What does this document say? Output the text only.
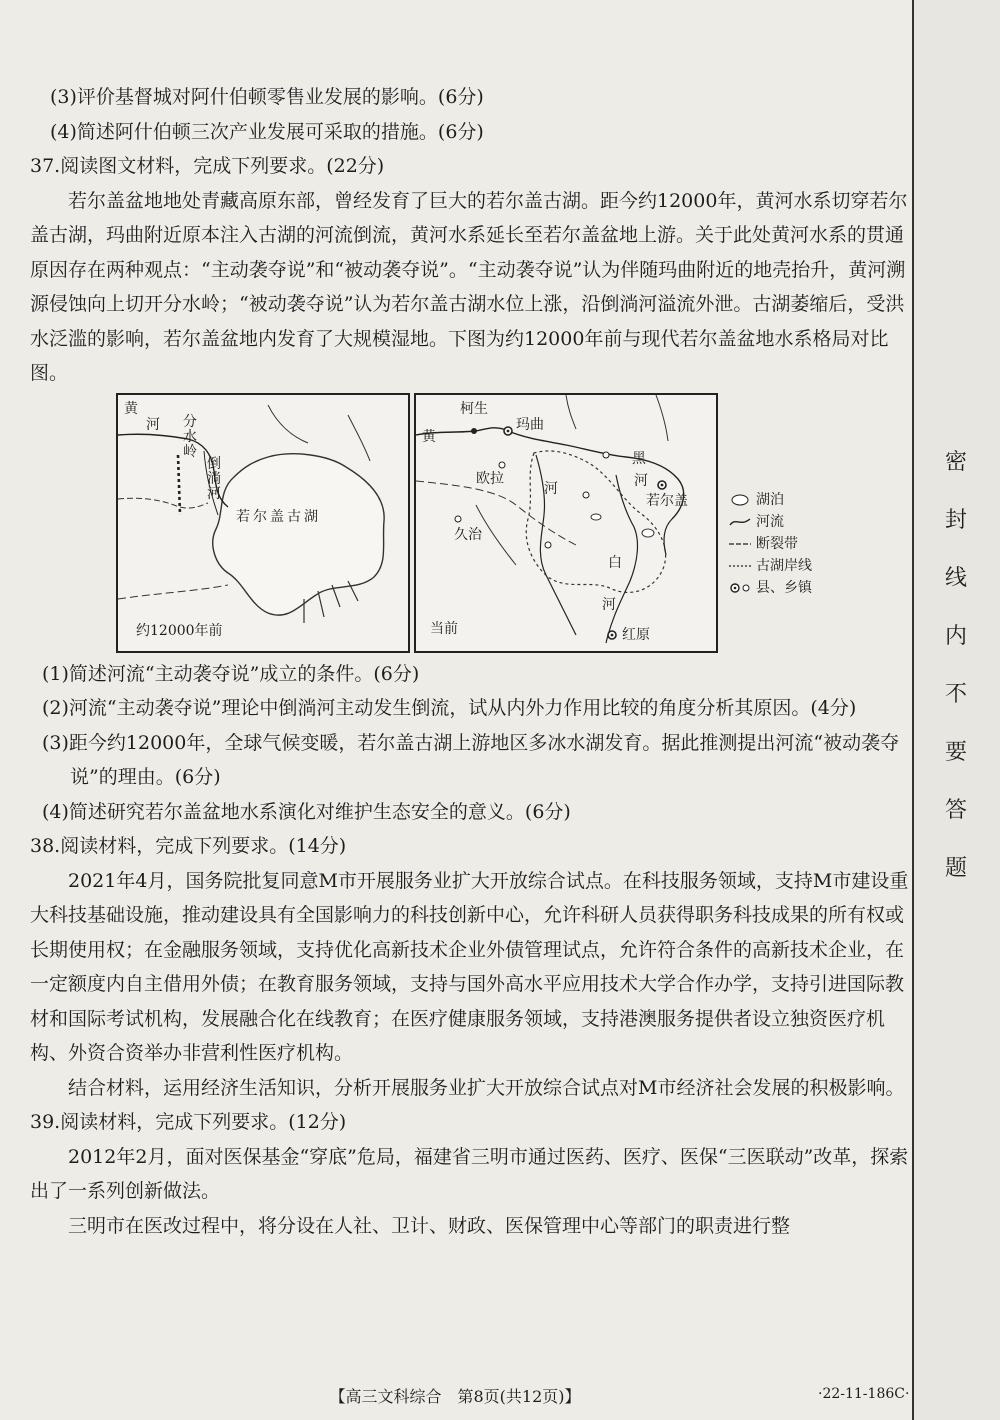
(3)评价基督城对阿什伯顿零售业发展的影响。(6分)

(4)简述阿什伯顿三次产业发展可采取的措施。(6分)

37.阅读图文材料，完成下列要求。(22分)

若尔盖盆地地处青藏高原东部，曾经发育了巨大的若尔盖古湖。距今约12000年，黄河水系切穿若尔盖古湖，玛曲附近原本注入古湖的河流倒流，黄河水系延长至若尔盖盆地上游。关于此处黄河水系的贯通原因存在两种观点：“主动袭夺说”和“被动袭夺说”。“主动袭夺说”认为伴随玛曲附近的地壳抬升，黄河溯源侵蚀向上切开分水岭；“被动袭夺说”认为若尔盖古湖水位上涨，沿倒淌河溢流外泄。古湖萎缩后，受洪水泛滥的影响，若尔盖盆地内发育了大规模湿地。下图为约12000年前与现代若尔盖盆地水系格局对比图。

黄
河 分水岭
倒淌河
若尔盖古湖
约12000年前
黄
柯生
玛曲
欧拉
河
黑
河
若尔盖
久治
白
河
红原
当前
湖泊
河流
断裂带
古湖岸线
县、乡镇

(1)简述河流“主动袭夺说”成立的条件。(6分)

(2)河流“主动袭夺说”理论中倒淌河主动发生倒流，试从内外力作用比较的角度分析其原因。(4分)

(3)距今约12000年，全球气候变暖，若尔盖古湖上游地区多冰水湖发育。据此推测提出河流“被动袭夺说”的理由。(6分)

(4)简述研究若尔盖盆地水系演化对维护生态安全的意义。(6分)

38.阅读材料，完成下列要求。(14分)

2021年4月，国务院批复同意M市开展服务业扩大开放综合试点。在科技服务领域，支持M市建设重大科技基础设施，推动建设具有全国影响力的科技创新中心，允许科研人员获得职务科技成果的所有权或长期使用权；在金融服务领域，支持优化高新技术企业外债管理试点，允许符合条件的高新技术企业，在一定额度内自主借用外债；在教育服务领域，支持与国外高水平应用技术大学合作办学，支持引进国际教材和国际考试机构，发展融合化在线教育；在医疗健康服务领域，支持港澳服务提供者设立独资医疗机构、外资合资举办非营利性医疗机构。

结合材料，运用经济生活知识，分析开展服务业扩大开放综合试点对M市经济社会发展的积极影响。

39.阅读材料，完成下列要求。(12分)

2012年2月，面对医保基金“穿底”危局，福建省三明市通过医药、医疗、医保“三医联动”改革，探索出了一系列创新做法。

三明市在医改过程中，将分设在人社、卫计、财政、医保管理中心等部门的职责进行整

密
封
线
内
不
要
答
题
【高三文科综合　第8页(共12页)】	·22-11-186C·
